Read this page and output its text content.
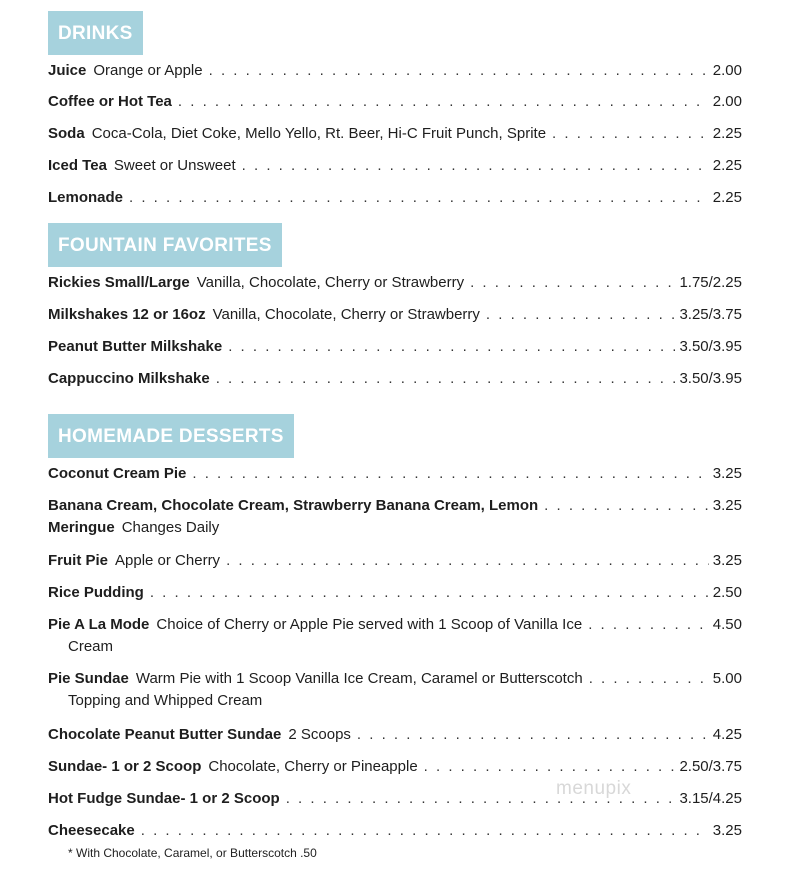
DRINKS
Juice Orange or Apple . . .	2.00
Coffee or Hot Tea . . .	2.00
Soda Coca-Cola, Diet Coke, Mello Yello, Rt. Beer, Hi-C Fruit Punch, Sprite . . .	2.25
Iced Tea Sweet or Unsweet . . .	2.25
Lemonade . . .	2.25
FOUNTAIN FAVORITES
Rickies Small/Large Vanilla, Chocolate, Cherry or Strawberry . . .	1.75/2.25
Milkshakes 12 or 16oz Vanilla, Chocolate, Cherry or Strawberry . . .	3.25/3.75
Peanut Butter Milkshake . . .	3.50/3.95
Cappuccino Milkshake . . .	3.50/3.95
HOMEMADE DESSERTS
Coconut Cream Pie . . .	3.25
Banana Cream, Chocolate Cream, Strawberry Banana Cream, Lemon . . .	3.25
Meringue Changes Daily
Fruit Pie Apple or Cherry . . .	3.25
Rice Pudding . . .	2.50
Pie A La Mode Choice of Cherry or Apple Pie served with 1 Scoop of Vanilla Ice . . .	4.50
Cream
Pie Sundae Warm Pie with 1 Scoop Vanilla Ice Cream, Caramel or Butterscotch . . .	5.00
Topping and Whipped Cream
Chocolate Peanut Butter Sundae 2 Scoops . . .	4.25
Sundae- 1 or 2 Scoop Chocolate, Cherry or Pineapple . . .	2.50/3.75
Hot Fudge Sundae- 1 or 2 Scoop . . .	3.15/4.25
Cheesecake . . .	3.25
* With Chocolate, Caramel, or Butterscotch .50
menupix
